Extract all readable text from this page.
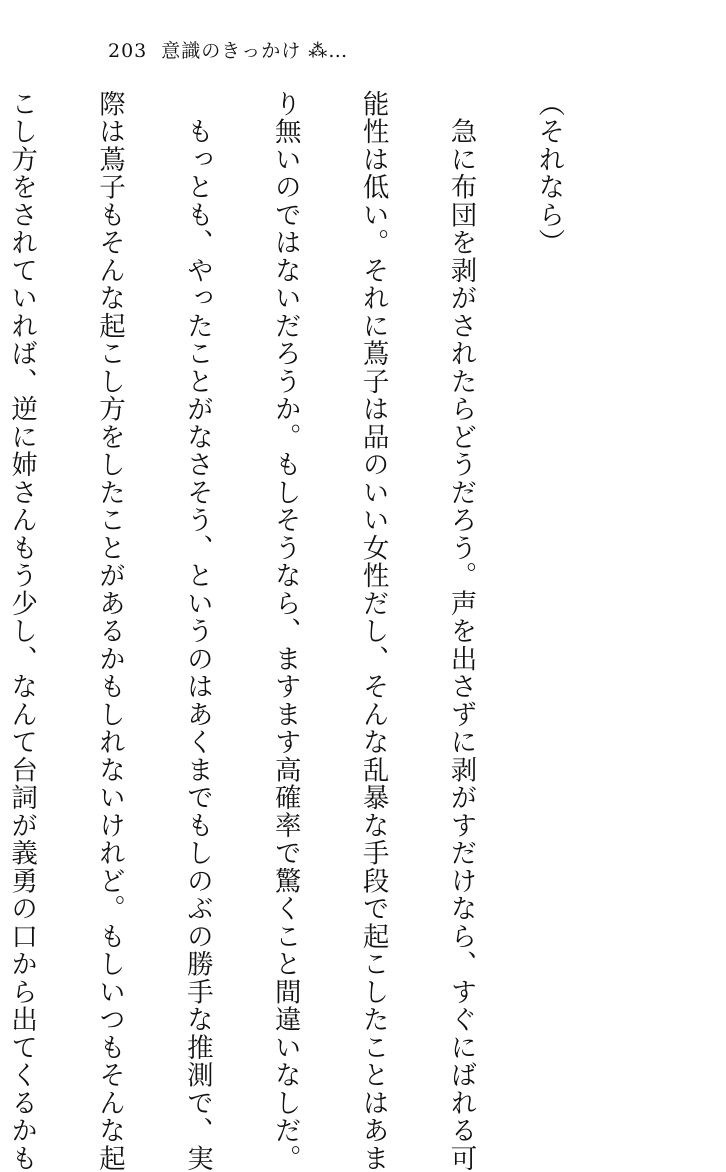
203 意識のきっかけ ⁂…

（それなら）

　急に布団を剥がされたらどうだろう。声を出さずに剥がすだけなら、すぐにばれる可

能性は低い。それに蔦子は品のいい女性だし、そんな乱暴な手段で起こしたことはあま

り無いのではないだろうか。もしそうなら、ますます高確率で驚くこと間違いなしだ。

　もっとも、やったことがなさそう、というのはあくまでもしのぶの勝手な推測で、実

際は蔦子もそんな起こし方をしたことがあるかもしれないけれど。もしいつもそんな起

こし方をされていれば、逆に姉さんもう少し、なんて台詞が義勇の口から出てくるかも
